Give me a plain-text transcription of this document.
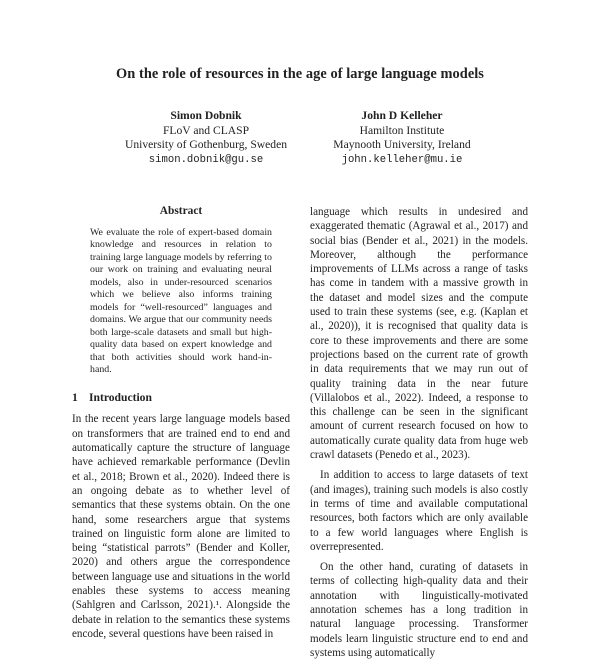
On the role of resources in the age of large language models
Simon Dobnik
FLoV and CLASP
University of Gothenburg, Sweden
simon.dobnik@gu.se
John D Kelleher
Hamilton Institute
Maynooth University, Ireland
john.kelleher@mu.ie
Abstract

We evaluate the role of expert-based domain knowledge and resources in relation to training large language models by referring to our work on training and evaluating neural models, also in under-resourced scenarios which we believe also informs training models for “well-resourced” languages and domains. We argue that our community needs both large-scale datasets and small but high-quality data based on expert knowledge and that both activities should work hand-in-hand.

1 Introduction

In the recent years large language models based on transformers that are trained end to end and automatically capture the structure of language have achieved remarkable performance (Devlin et al., 2018; Brown et al., 2020). Indeed there is an ongoing debate as to whether level of semantics that these systems obtain. On the one hand, some researchers argue that systems trained on linguistic form alone are limited to being “statistical parrots” (Bender and Koller, 2020) and others argue the correspondence between language use and situations in the world enables these systems to access meaning (Sahlgren and Carlsson, 2021).¹. Alongside the debate in relation to the semantics these systems encode, several questions have been raised in

language which results in undesired and exaggerated thematic (Agrawal et al., 2017) and social bias (Bender et al., 2021) in the models. Moreover, although the performance improvements of LLMs across a range of tasks has come in tandem with a massive growth in the dataset and model sizes and the compute used to train these systems (see, e.g. (Kaplan et al., 2020)), it is recognised that quality data is core to these improvements and there are some projections based on the current rate of growth in data requirements that we may run out of quality training data in the near future (Villalobos et al., 2022). Indeed, a response to this challenge can be seen in the significant amount of current research focused on how to automatically curate quality data from huge web crawl datasets (Penedo et al., 2023).

In addition to access to large datasets of text (and images), training such models is also costly in terms of time and available computational resources, both factors which are only available to a few world languages where English is overrepresented.

On the other hand, curating of datasets in terms of collecting high-quality data and their annotation with linguistically-motivated annotation schemes has a long tradition in natural language processing. Transformer models learn linguistic structure end to end and systems using automatically
